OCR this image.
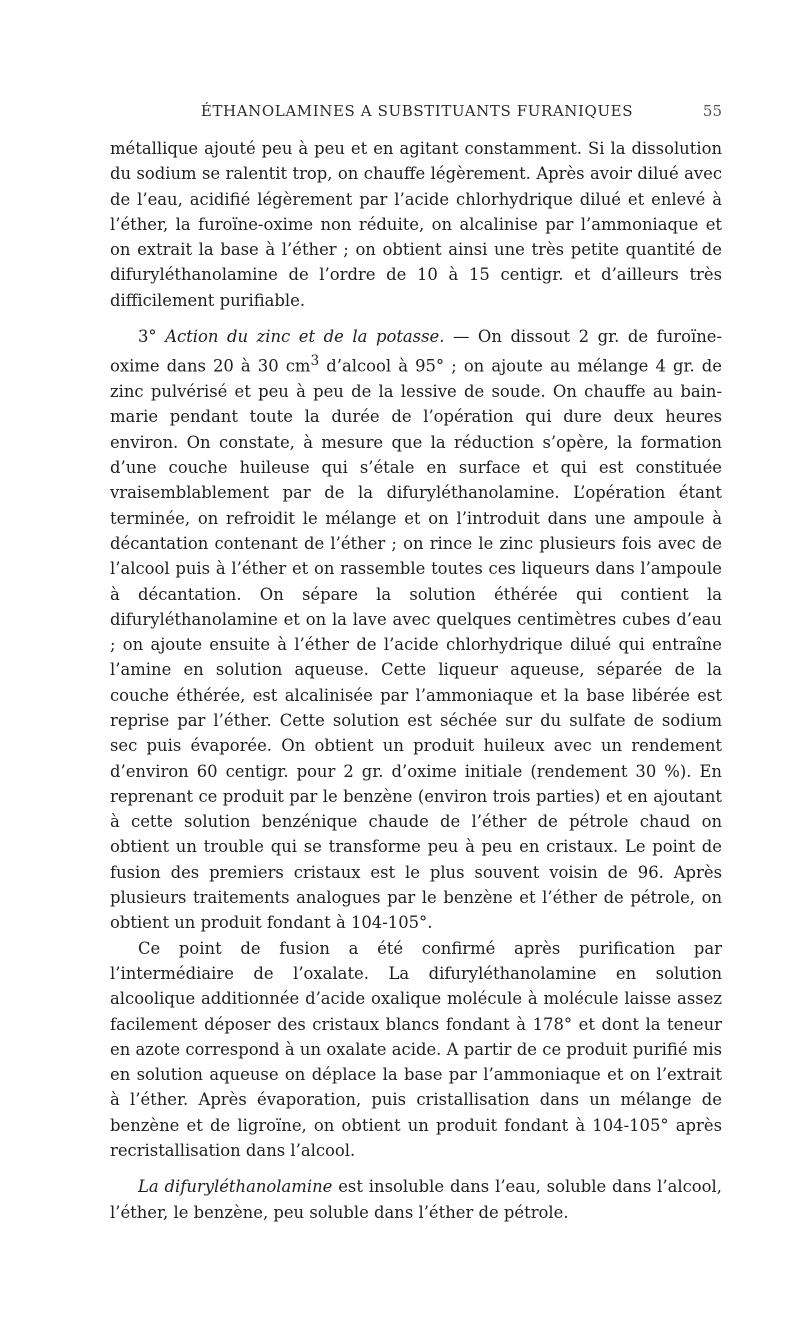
ÉTHANOLAMINES A SUBSTITUANTS FURANIQUES	55

métallique ajouté peu à peu et en agitant constamment. Si la dissolution du sodium se ralentit trop, on chauffe légèrement. Après avoir dilué avec de l’eau, acidifié légèrement par l’acide chlorhydrique dilué et enlevé à l’éther, la furoïne-oxime non réduite, on alcalinise par l’ammoniaque et on extrait la base à l’éther ; on obtient ainsi une très petite quantité de difuryléthanolamine de l’ordre de 10 à 15 centigr. et d’ailleurs très difficilement purifiable.

3° Action du zinc et de la potasse. — On dissout 2 gr. de furoïne-oxime dans 20 à 30 $cm^3$ d’alcool à 95° ; on ajoute au mélange 4 gr. de zinc pulvérisé et peu à peu de la lessive de soude. On chauffe au bain-marie pendant toute la durée de l’opération qui dure deux heures environ. On constate, à mesure que la réduction s’opère, la formation d’une couche huileuse qui s’étale en surface et qui est constituée vraisemblablement par de la difuryléthanolamine. L’opération étant terminée, on refroidit le mélange et on l’introduit dans une ampoule à décantation contenant de l’éther ; on rince le zinc plusieurs fois avec de l’alcool puis à l’éther et on rassemble toutes ces liqueurs dans l’ampoule à décantation. On sépare la solution éthérée qui contient la difuryléthanolamine et on la lave avec quelques centimètres cubes d’eau ; on ajoute ensuite à l’éther de l’acide chlorhydrique dilué qui entraîne l’amine en solution aqueuse. Cette liqueur aqueuse, séparée de la couche éthérée, est alcalinisée par l’ammoniaque et la base libérée est reprise par l’éther. Cette solution est séchée sur du sulfate de sodium sec puis évaporée. On obtient un produit huileux avec un rendement d’environ 60 centigr. pour 2 gr. d’oxime initiale (rendement 30 %). En reprenant ce produit par le benzène (environ trois parties) et en ajoutant à cette solution benzénique chaude de l’éther de pétrole chaud on obtient un trouble qui se transforme peu à peu en cristaux. Le point de fusion des premiers cristaux est le plus souvent voisin de 96. Après plusieurs traitements analogues par le benzène et l’éther de pétrole, on obtient un produit fondant à 104-105°.

Ce point de fusion a été confirmé après purification par l’intermédiaire de l’oxalate. La difuryléthanolamine en solution alcoolique additionnée d’acide oxalique molécule à molécule laisse assez facilement déposer des cristaux blancs fondant à 178° et dont la teneur en azote correspond à un oxalate acide. A partir de ce produit purifié mis en solution aqueuse on déplace la base par l’ammoniaque et on l’extrait à l’éther. Après évaporation, puis cristallisation dans un mélange de benzène et de ligroïne, on obtient un produit fondant à 104-105° après recristallisation dans l’alcool.

La difuryléthanolamine est insoluble dans l’eau, soluble dans l’alcool, l’éther, le benzène, peu soluble dans l’éther de pétrole.
